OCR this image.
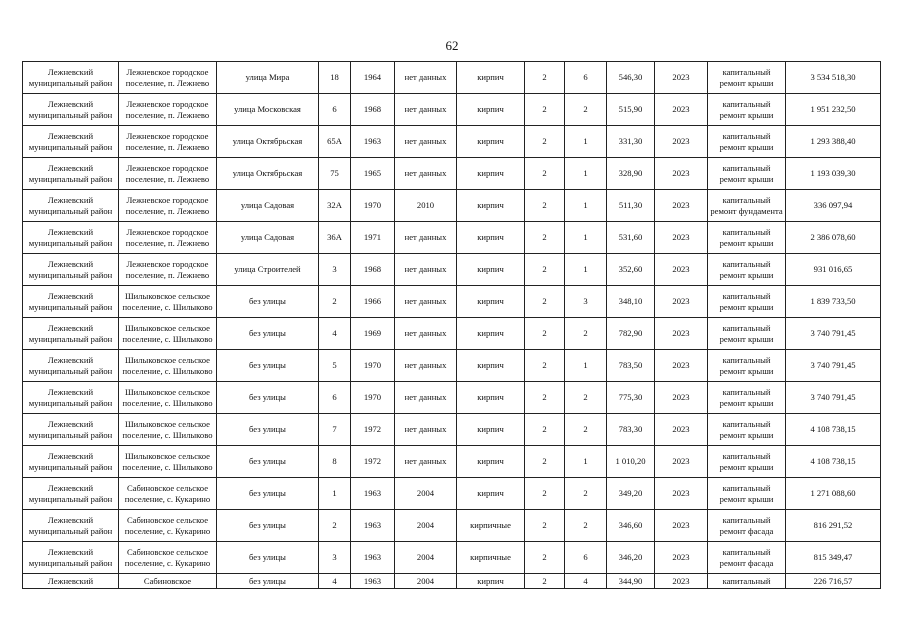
62
Лежневский муниципальный район	Лежневское городское поселение, п. Лежнево	улица Мира	18	1964	нет данных	кирпич	2	6	546,30	2023	капитальный ремонт крыши	3 534 518,30
Лежневский муниципальный район	Лежневское городское поселение, п. Лежнево	улица Московская	6	1968	нет данных	кирпич	2	2	515,90	2023	капитальный ремонт крыши	1 951 232,50
Лежневский муниципальный район	Лежневское городское поселение, п. Лежнево	улица Октябрьская	65А	1963	нет данных	кирпич	2	1	331,30	2023	капитальный ремонт крыши	1 293 388,40
Лежневский муниципальный район	Лежневское городское поселение, п. Лежнево	улица Октябрьская	75	1965	нет данных	кирпич	2	1	328,90	2023	капитальный ремонт крыши	1 193 039,30
Лежневский муниципальный район	Лежневское городское поселение, п. Лежнево	улица Садовая	32А	1970	2010	кирпич	2	1	511,30	2023	капитальный ремонт фундамента	336 097,94
Лежневский муниципальный район	Лежневское городское поселение, п. Лежнево	улица Садовая	36А	1971	нет данных	кирпич	2	1	531,60	2023	капитальный ремонт крыши	2 386 078,60
Лежневский муниципальный район	Лежневское городское поселение, п. Лежнево	улица Строителей	3	1968	нет данных	кирпич	2	1	352,60	2023	капитальный ремонт крыши	931 016,65
Лежневский муниципальный район	Шилыковское сельское поселение, с. Шилыково	без улицы	2	1966	нет данных	кирпич	2	3	348,10	2023	капитальный ремонт крыши	1 839 733,50
Лежневский муниципальный район	Шилыковское сельское поселение, с. Шилыково	без улицы	4	1969	нет данных	кирпич	2	2	782,90	2023	капитальный ремонт крыши	3 740 791,45
Лежневский муниципальный район	Шилыковское сельское поселение, с. Шилыково	без улицы	5	1970	нет данных	кирпич	2	1	783,50	2023	капитальный ремонт крыши	3 740 791,45
Лежневский муниципальный район	Шилыковское сельское поселение, с. Шилыково	без улицы	6	1970	нет данных	кирпич	2	2	775,30	2023	капитальный ремонт крыши	3 740 791,45
Лежневский муниципальный район	Шилыковское сельское поселение, с. Шилыково	без улицы	7	1972	нет данных	кирпич	2	2	783,30	2023	капитальный ремонт крыши	4 108 738,15
Лежневский муниципальный район	Шилыковское сельское поселение, с. Шилыково	без улицы	8	1972	нет данных	кирпич	2	1	1 010,20	2023	капитальный ремонт крыши	4 108 738,15
Лежневский муниципальный район	Сабиновское сельское поселение, с. Кукарино	без улицы	1	1963	2004	кирпич	2	2	349,20	2023	капитальный ремонт крыши	1 271 088,60
Лежневский муниципальный район	Сабиновское сельское поселение, с. Кукарино	без улицы	2	1963	2004	кирпичные	2	2	346,60	2023	капитальный ремонт фасада	816 291,52
Лежневский муниципальный район	Сабиновское сельское поселение, с. Кукарино	без улицы	3	1963	2004	кирпичные	2	6	346,20	2023	капитальный ремонт фасада	815 349,47
Лежневский	Сабиновское	без улицы	4	1963	2004	кирпич	2	4	344,90	2023	капитальный	226 716,57
